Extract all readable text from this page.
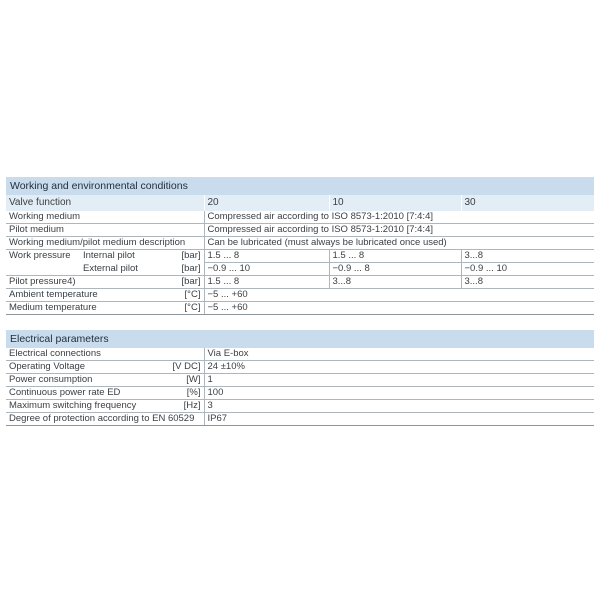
Working and environmental conditions					
Valve function			20	10	30
Working medium			Compressed air according to ISO 8573-1:2010 [7:4:4]		
Pilot medium			Compressed air according to ISO 8573-1:2010 [7:4:4]		
Working medium/pilot medium description			Can be lubricated (must always be lubricated once used)		
Work pressure	Internal pilot	[bar]	1.5 ... 8	1.5 ... 8	3...8
	External pilot	[bar]	−0.9 ... 10	−0.9 ... 8	−0.9 ... 10
Pilot pressure4)		[bar]	1.5 ... 8	3...8	3...8
Ambient temperature		[°C]	−5 ... +60		
Medium temperature		[°C]	−5 ... +60		
Electrical parameters		
Electrical connections		Via E-box
Operating Voltage	[V DC]	24 ±10%
Power consumption	[W]	1
Continuous power rate ED	[%]	100
Maximum switching frequency	[Hz]	3
Degree of protection according to EN 60529		IP67
